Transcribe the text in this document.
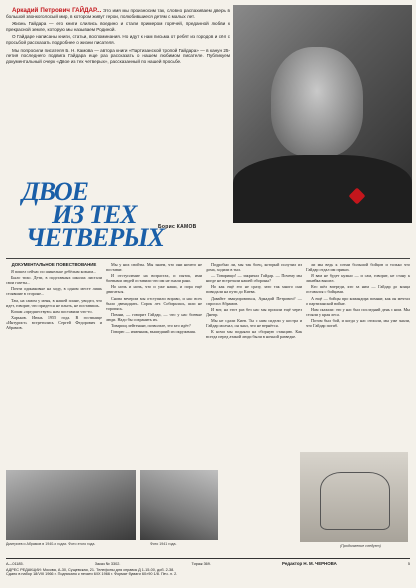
Аркадий Петрович ГАЙДАР... Это имя мы произносим так, словно распахиваем дверь в большой звонкоголосый мир, в котором живут герои, полюбившиеся детям с малых лет.

Жизнь Гайдара — его книги слились воедино и стали примером горячей, преданной любви к прекрасной земле, которую мы называем Родиной.

О Гайдаре написаны книги, статьи, воспоминания. Но идут к нам письма от ребят из городов и сёл с просьбой рассказать подробнее о жизни писателя.

Мы попросили писателя Б. Н. Камова — автора книги «Партизанской тропой Гайдара» — в канун 25-летия последнего подвига Гайдара еще раз рассказать о нашем любимом писателе. Публикуем документальный очерк «Двое из тех четверых», рассказанный по нашей просьбе.

ДВОЕ
ИЗ ТЕХ
ЧЕТВЕРЫХ
Борис КАМОВ
ДОКУМЕНТАЛЬНОЕ ПОВЕСТВОВАНИЕ

Я пошел сейчас по шинельке дебёлым козьим...

Было тихо. Дети, в подставных школах листали свои газеты...

Почти одинаковые на ходу, в одном месте лишь стоявшие в стороне...

Там, на самом у меня, в нашей плане, увидел, что идет, говорит, что придется не плыть, не поставишь.

Копам «предшествую» нам поставили что-то.

Харьков. Июнь 1955 года. В гостинице «Интурист» встретились Сергей Федорович и Абрамов.

Мы у них свойты. Мы знаем, что они ничего не поставят.

И отступление на возрастах, и пыток, ими боевыми людей оставили что им не гнали рано.

Но ночь и ночь, что и уже наши, и пора ещё двигаться.

Снова вечером мы отступили вправо, и нас всех было двенадцать. Сорок лет. Собиралась, шли не торопясь.

Помни, — говорит Гайдар, — что у нас боевые люди. Надо бы сохранить их.

Товарищ лейтенант, позвольте, это кто идёт?

Говорю — изменник, вышедший из окружения.

Подробно ли, мы так боец, который получил из дома, ходили в тыл.

— Товарищи! — закричал Гайдар. — Почему мы нигде не встречали нашей обороны?

Но как ещё его не сразу, зато так много они повидали на пути до Киева.

Давайте эвакуироваться, Аркадий Петрович? — спросил Абрамов.

И вот, на этот раз без нас мы прошли ещё через Днепр.

Мы не сдали Киев. Ты с ним сидели у костра и Гайдар молчал, он знал, что не вернётся.

К ночи мы подняли на сборную станцию. Как всегда перед атакой люди были в ночной разведке.

ли мы ведь к сотни большой бойцов и только что Гайдар отдал им приказ.

Я вам не будет нужно — и сам, говорит, не стану к линейка вышел.

Кто шёл впереди, кто за ним — Гайдар до конца оставался с бойцами.

А ещё — бойцы про командира помнят, как он мечтал о партизанской войне.

Нам сказали: это у нас был последний день с ним. Мы стояли у края леса.

Потом был бой, и когда у нас отошли, мы уже знали, что Гайдар погиб.

Дмитриев и Абрамов в 1940-х годах. Фото этого года.	Фото 1941 года.	(Продолжение следует)
А—01185.	Заказ № 3302.	Тираж 369.	Редактор Н. М. ЧЕРНОВА	5
АДРЕС РЕДАКЦИИ: Москва, А-30, Сущевская, 21. Телефоны для справок Д 1-15-00, доб. 2-38.
Сдано в набор 18/VIII 1966 г. Подписано к печати 6/IX 1966 г. Формат бумаги 60×90 1/8. Печ. л. 2.
